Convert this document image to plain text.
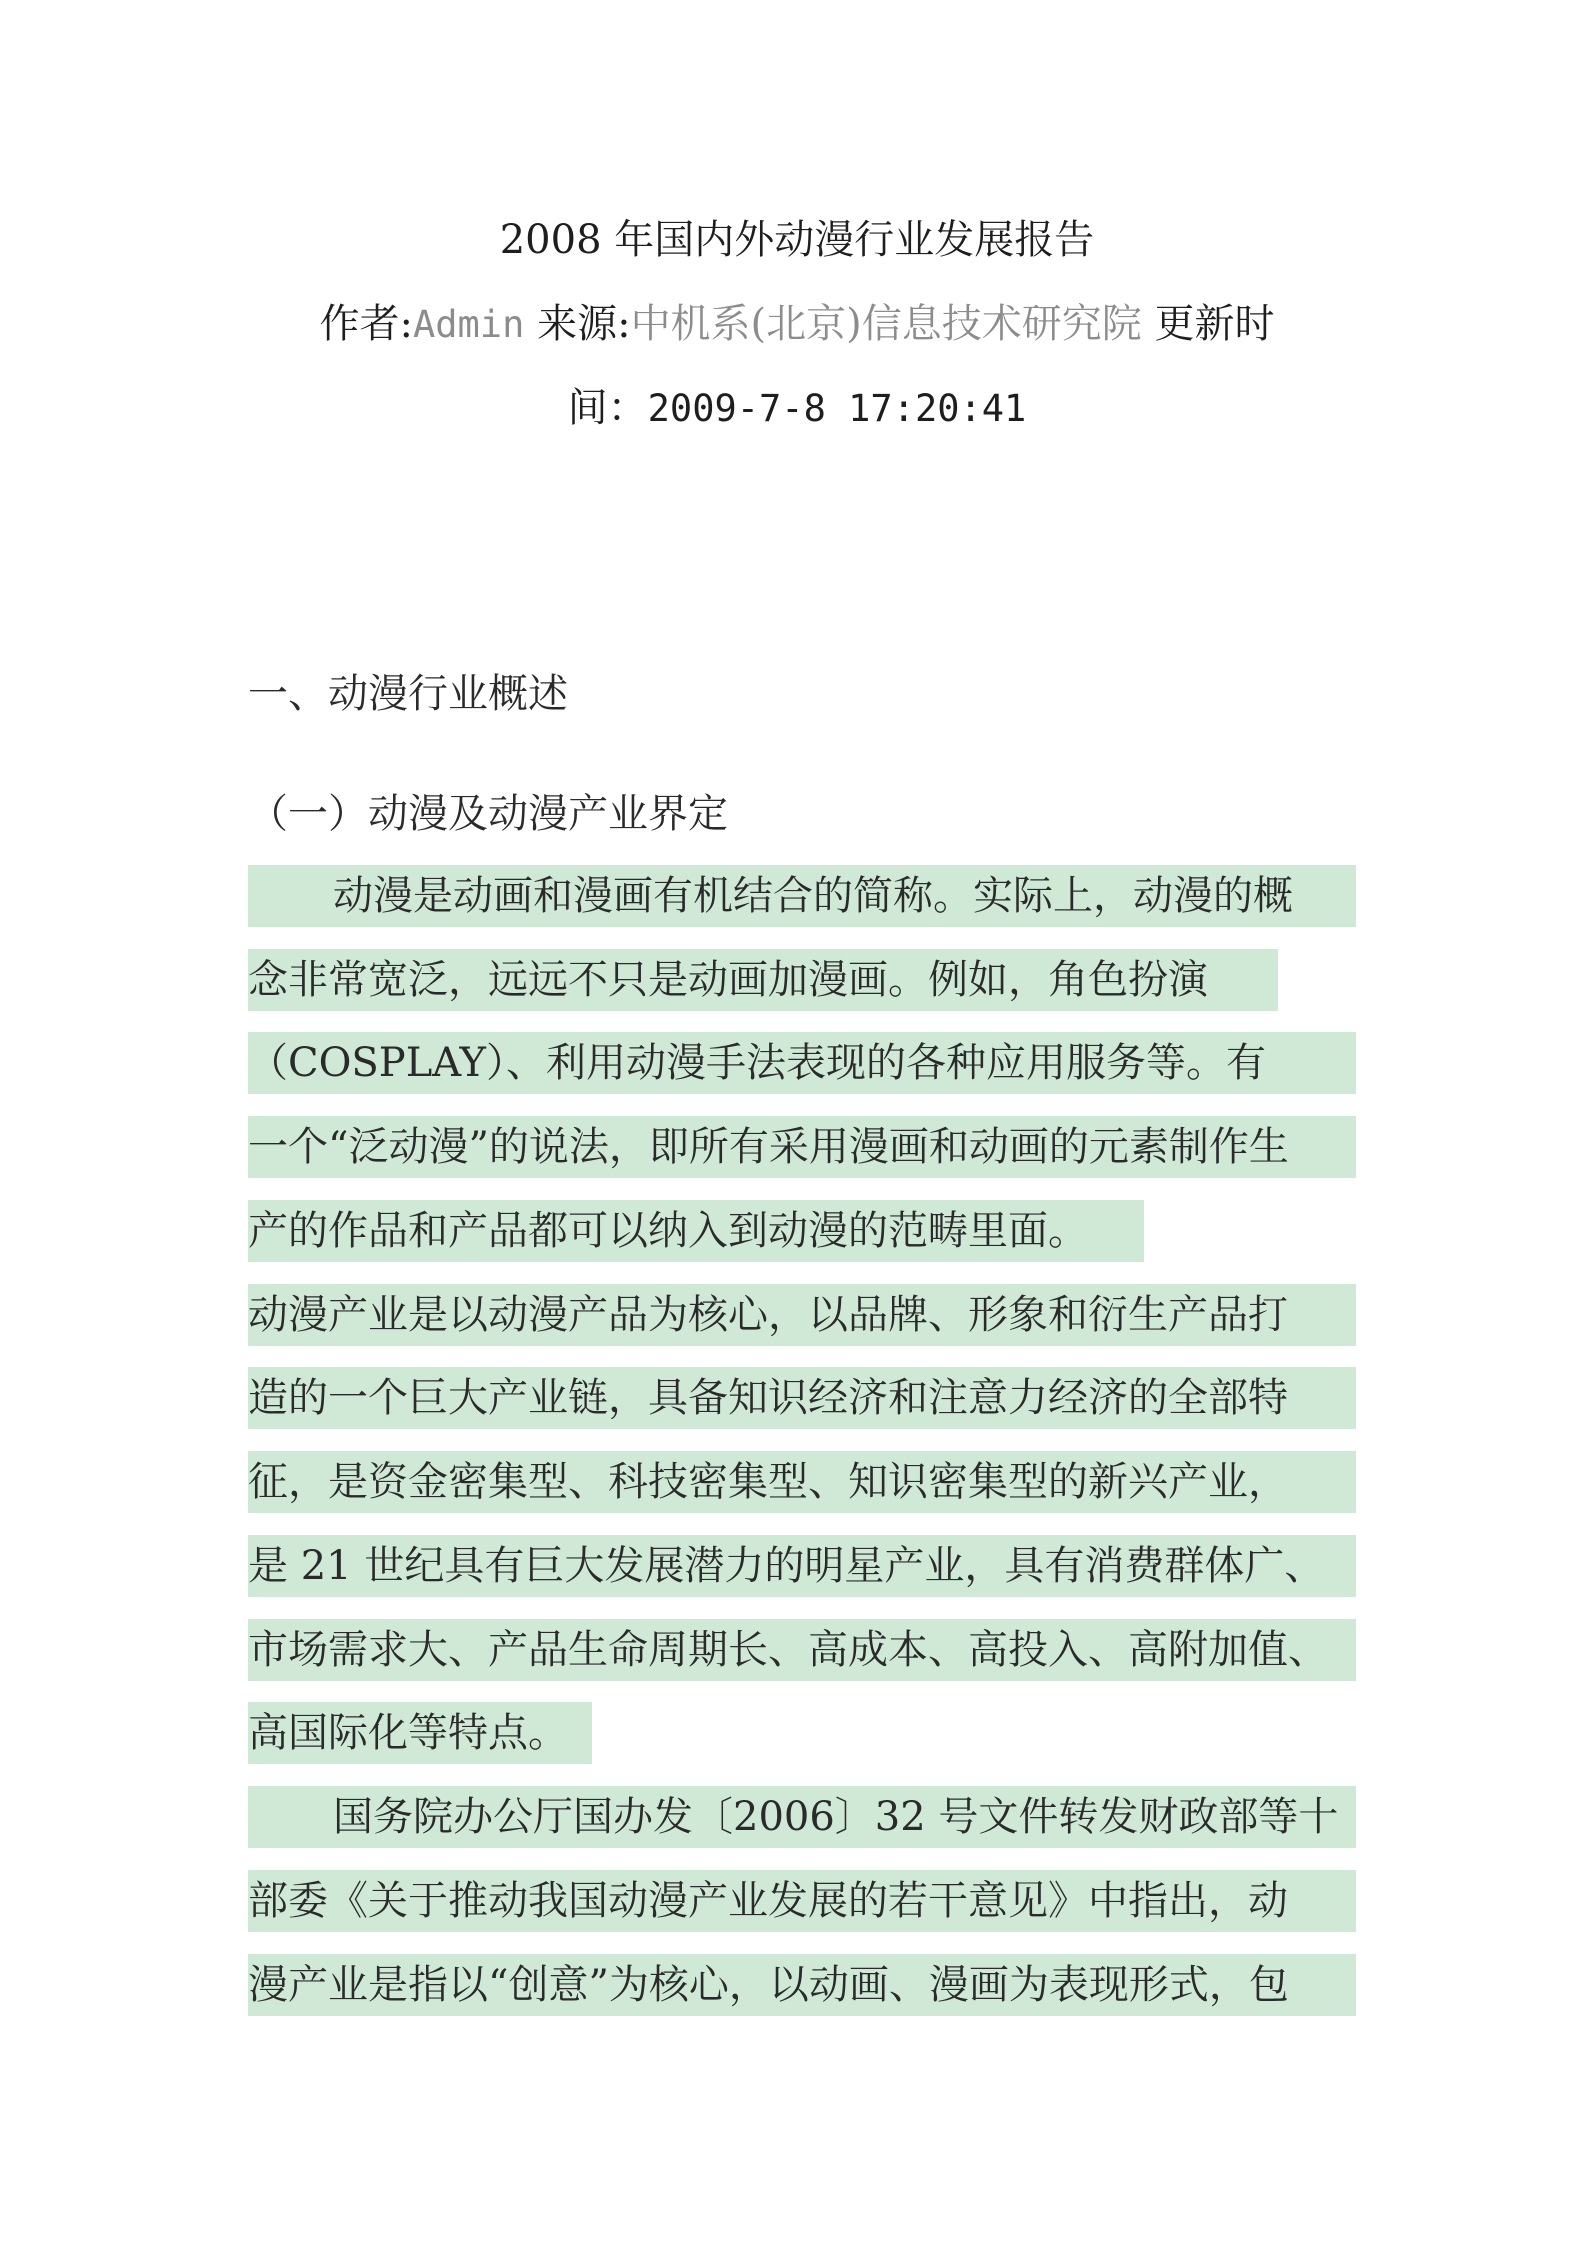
2008 年国内外动漫行业发展报告
作者:Admin 来源:中机系(北京)信息技术研究院 更新时
间：2009-7-8 17:20:41
一、动漫行业概述
（一）动漫及动漫产业界定
动漫是动画和漫画有机结合的简称。实际上，动漫的概
念非常宽泛，远远不只是动画加漫画。例如，角色扮演
（COSPLAY）、利用动漫手法表现的各种应用服务等。有
一个“泛动漫”的说法，即所有采用漫画和动画的元素制作生
产的作品和产品都可以纳入到动漫的范畴里面。
动漫产业是以动漫产品为核心，以品牌、形象和衍生产品打
造的一个巨大产业链，具备知识经济和注意力经济的全部特
征，是资金密集型、科技密集型、知识密集型的新兴产业，
是 21 世纪具有巨大发展潜力的明星产业，具有消费群体广、
市场需求大、产品生命周期长、高成本、高投入、高附加值、
高国际化等特点。
国务院办公厅国办发〔2006〕32 号文件转发财政部等十
部委《关于推动我国动漫产业发展的若干意见》中指出，动
漫产业是指以“创意”为核心，以动画、漫画为表现形式，包
